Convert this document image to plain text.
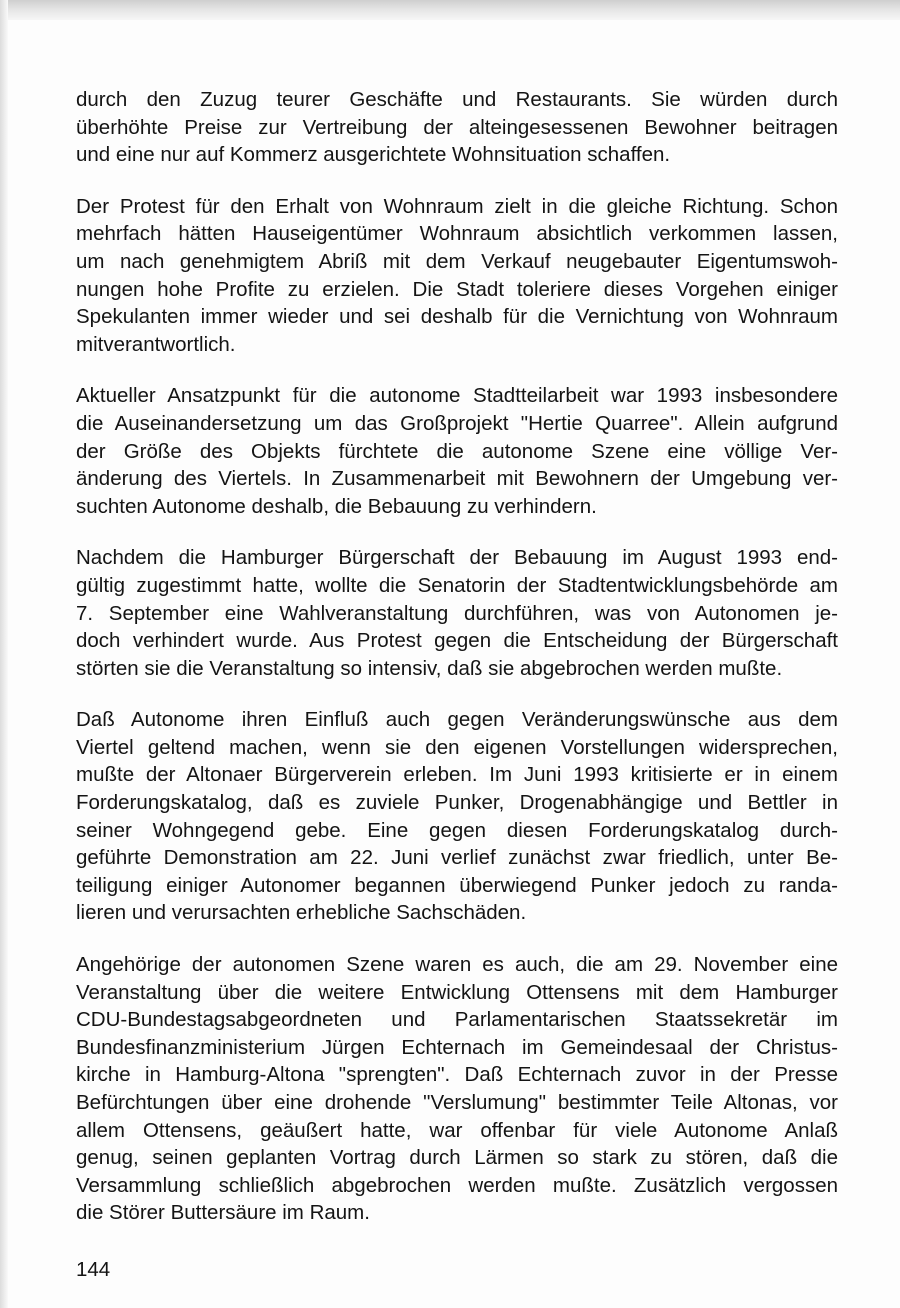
durch den Zuzug teurer Geschäfte und Restaurants. Sie würden durch
überhöhte Preise zur Vertreibung der alteingesessenen Bewohner beitragen
und eine nur auf Kommerz ausgerichtete Wohnsituation schaffen.

Der Protest für den Erhalt von Wohnraum zielt in die gleiche Richtung. Schon
mehrfach hätten Hauseigentümer Wohnraum absichtlich verkommen lassen,
um nach genehmigtem Abriß mit dem Verkauf neugebauter Eigentumswoh-
nungen hohe Profite zu erzielen. Die Stadt toleriere dieses Vorgehen einiger
Spekulanten immer wieder und sei deshalb für die Vernichtung von Wohnraum
mitverantwortlich.

Aktueller Ansatzpunkt für die autonome Stadtteilarbeit war 1993 insbesondere
die Auseinandersetzung um das Großprojekt "Hertie Quarree". Allein aufgrund
der Größe des Objekts fürchtete die autonome Szene eine völlige Ver-
änderung des Viertels. In Zusammenarbeit mit Bewohnern der Umgebung ver-
suchten Autonome deshalb, die Bebauung zu verhindern.

Nachdem die Hamburger Bürgerschaft der Bebauung im August 1993 end-
gültig zugestimmt hatte, wollte die Senatorin der Stadtentwicklungsbehörde am
7. September eine Wahlveranstaltung durchführen, was von Autonomen je-
doch verhindert wurde. Aus Protest gegen die Entscheidung der Bürgerschaft
störten sie die Veranstaltung so intensiv, daß sie abgebrochen werden mußte.

Daß Autonome ihren Einfluß auch gegen Veränderungswünsche aus dem
Viertel geltend machen, wenn sie den eigenen Vorstellungen widersprechen,
mußte der Altonaer Bürgerverein erleben. Im Juni 1993 kritisierte er in einem
Forderungskatalog, daß es zuviele Punker, Drogenabhängige und Bettler in
seiner Wohngegend gebe. Eine gegen diesen Forderungskatalog durch-
geführte Demonstration am 22. Juni verlief zunächst zwar friedlich, unter Be-
teiligung einiger Autonomer begannen überwiegend Punker jedoch zu randa-
lieren und verursachten erhebliche Sachschäden.

Angehörige der autonomen Szene waren es auch, die am 29. November eine
Veranstaltung über die weitere Entwicklung Ottensens mit dem Hamburger
CDU-Bundestagsabgeordneten und Parlamentarischen Staatssekretär im
Bundesfinanzministerium Jürgen Echternach im Gemeindesaal der Christus-
kirche in Hamburg-Altona "sprengten". Daß Echternach zuvor in der Presse
Befürchtungen über eine drohende "Verslumung" bestimmter Teile Altonas, vor
allem Ottensens, geäußert hatte, war offenbar für viele Autonome Anlaß
genug, seinen geplanten Vortrag durch Lärmen so stark zu stören, daß die
Versammlung schließlich abgebrochen werden mußte. Zusätzlich vergossen
die Störer Buttersäure im Raum.

144
